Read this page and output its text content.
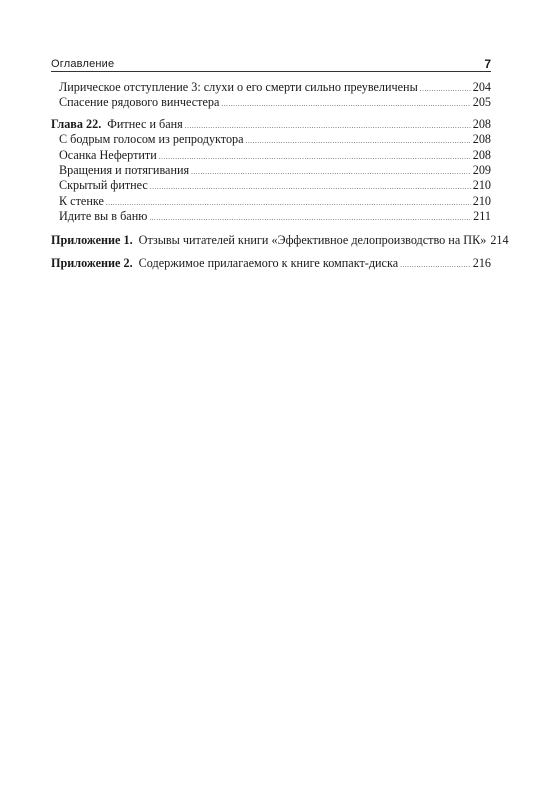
Оглавление	7
Лирическое отступление 3: слухи о его смерти сильно преувеличены .....	204
Спасение рядового винчестера .....	205
Глава 22. Фитнес и баня .....	208
С бодрым голосом из репродуктора .....	208
Осанка Нефертити .....	208
Вращения и потягивания .....	209
Скрытый фитнес .....	210
К стенке .....	210
Идите вы в баню .....	211
Приложение 1. Отзывы читателей книги «Эффективное делопроизводство на ПК» 214
Приложение 2. Содержимое прилагаемого к книге компакт-диска .....	216
